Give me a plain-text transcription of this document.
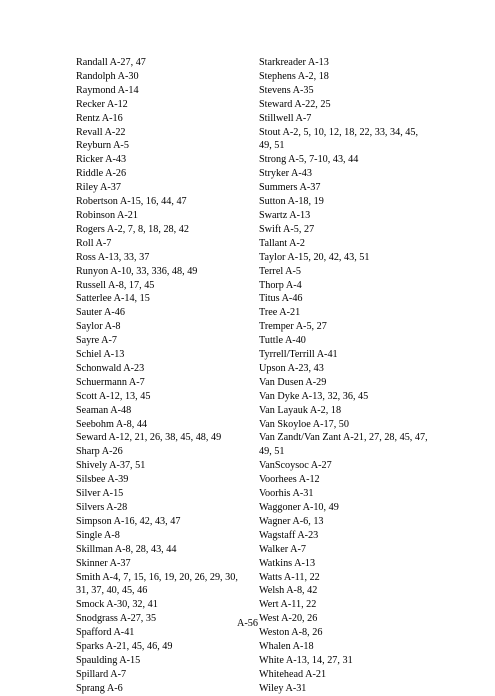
Randall A-27, 47
Randolph A-30
Raymond A-14
Recker A-12
Rentz A-16
Revall A-22
Reyburn A-5
Ricker A-43
Riddle A-26
Riley A-37
Robertson A-15, 16, 44, 47
Robinson A-21
Rogers A-2, 7, 8, 18, 28, 42
Roll A-7
Ross A-13, 33, 37
Runyon A-10, 33, 336, 48, 49
Russell A-8, 17, 45
Satterlee A-14, 15
Sauter A-46
Saylor A-8
Sayre A-7
Schiel A-13
Schonwald A-23
Schuermann A-7
Scott A-12, 13, 45
Seaman A-48
Seebohm A-8, 44
Seward A-12, 21, 26, 38, 45, 48, 49
Sharp A-26
Shively A-37, 51
Silsbee A-39
Silver A-15
Silvers A-28
Simpson A-16, 42, 43, 47
Single A-8
Skillman A-8, 28, 43, 44
Skinner A-37
Smith A-4, 7, 15, 16, 19, 20, 26, 29, 30, 31, 37, 40, 45, 46
Smock A-30, 32, 41
Snodgrass A-27, 35
Spafford A-41
Sparks A-21, 45, 46, 49
Spaulding A-15
Spillard A-7
Sprang A-6
Starkreader A-13
Stephens A-2, 18
Stevens A-35
Steward A-22, 25
Stillwell A-7
Stout A-2, 5, 10, 12, 18, 22, 33, 34, 45, 49, 51
Strong A-5, 7-10, 43, 44
Stryker A-43
Summers A-37
Sutton A-18, 19
Swartz A-13
Swift A-5, 27
Tallant A-2
Taylor A-15, 20, 42, 43, 51
Terrel A-5
Thorp A-4
Titus A-46
Tree A-21
Tremper A-5, 27
Tuttle A-40
Tyrrell/Terrill A-41
Upson A-23, 43
Van Dusen A-29
Van Dyke A-13, 32, 36, 45
Van Layauk A-2, 18
Van Skoyloe A-17, 50
Van Zandt/Van Zant A-21, 27, 28, 45, 47, 49, 51
VanScoysoc A-27
Voorhees A-12
Voorhis A-31
Waggoner A-10, 49
Wagner A-6, 13
Wagstaff A-23
Walker A-7
Watkins A-13
Watts A-11, 22
Welsh A-8, 42
Wert A-11, 22
West A-20, 26
Weston A-8, 26
Whalen A-18
White A-13, 14, 27, 31
Whitehead A-21
Wiley A-31
A-56
